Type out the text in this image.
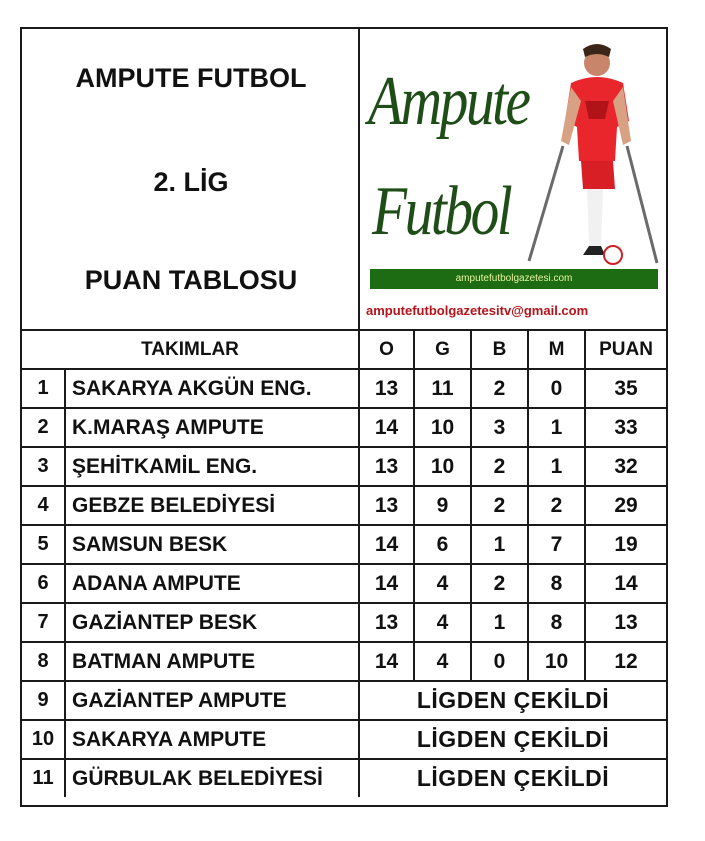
AMPUTE FUTBOL
2. LİG
PUAN TABLOSU
Ampute
Futbol
amputefutbolgazetesi.com
amputefutbolgazetesitv@gmail.com
TAKIMLAR	O	G	B	M	PUAN
1	SAKARYA AKGÜN ENG.	13	11	2	0	35
2	K.MARAŞ AMPUTE	14	10	3	1	33
3	ŞEHİTKAMİL ENG.	13	10	2	1	32
4	GEBZE BELEDİYESİ	13	9	2	2	29
5	SAMSUN BESK	14	6	1	7	19
6	ADANA AMPUTE	14	4	2	8	14
7	GAZİANTEP BESK	13	4	1	8	13
8	BATMAN AMPUTE	14	4	0	10	12
9	GAZİANTEP AMPUTE	LİGDEN ÇEKİLDİ
10 SAKARYA AMPUTE	LİGDEN ÇEKİLDİ
11 GÜRBULAK BELEDİYESİ	LİGDEN ÇEKİLDİ
